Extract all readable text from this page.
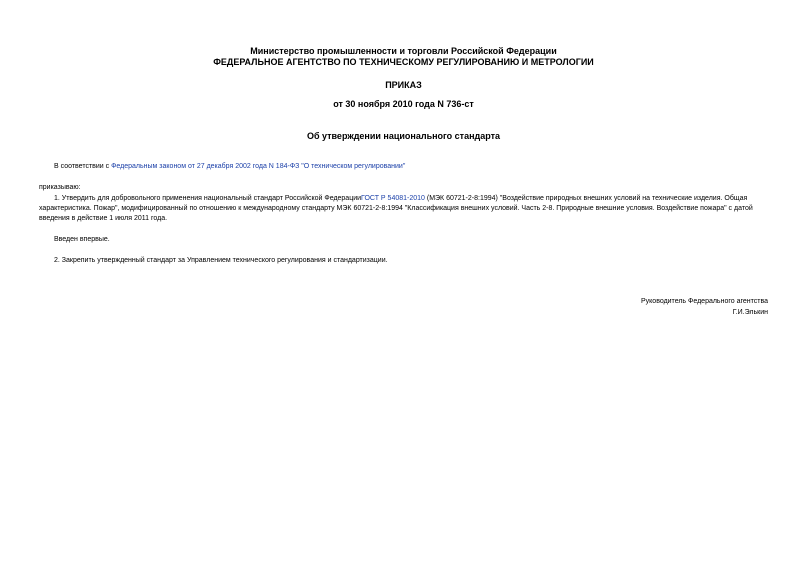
Министерство промышленности и торговли Российской Федерации
ФЕДЕРАЛЬНОЕ АГЕНТСТВО ПО ТЕХНИЧЕСКОМУ РЕГУЛИРОВАНИЮ И МЕТРОЛОГИИ
ПРИКАЗ
от 30 ноября 2010 года N 736-ст
Об утверждении национального стандарта
В соответствии с Федеральным законом от 27 декабря 2002 года N 184-ФЗ "О техническом регулировании"
приказываю:
1. Утвердить для добровольного применения национальный стандарт Российской ФедерацииГОСТ Р 54081-2010 (МЭК 60721-2-8:1994) "Воздействие природных внешних условий на технические изделия. Общая
характеристика. Пожар", модифицированный по отношению к международному стандарту МЭК 60721-2-8:1994 "Классификация внешних условий. Часть 2-8. Природные внешние условия. Воздействие пожара" с датой
введения в действие 1 июля 2011 года.
Введен впервые.
2. Закрепить утвержденный стандарт за Управлением технического регулирования и стандартизации.
Руководитель Федерального агентства
Г.И.Элькин
